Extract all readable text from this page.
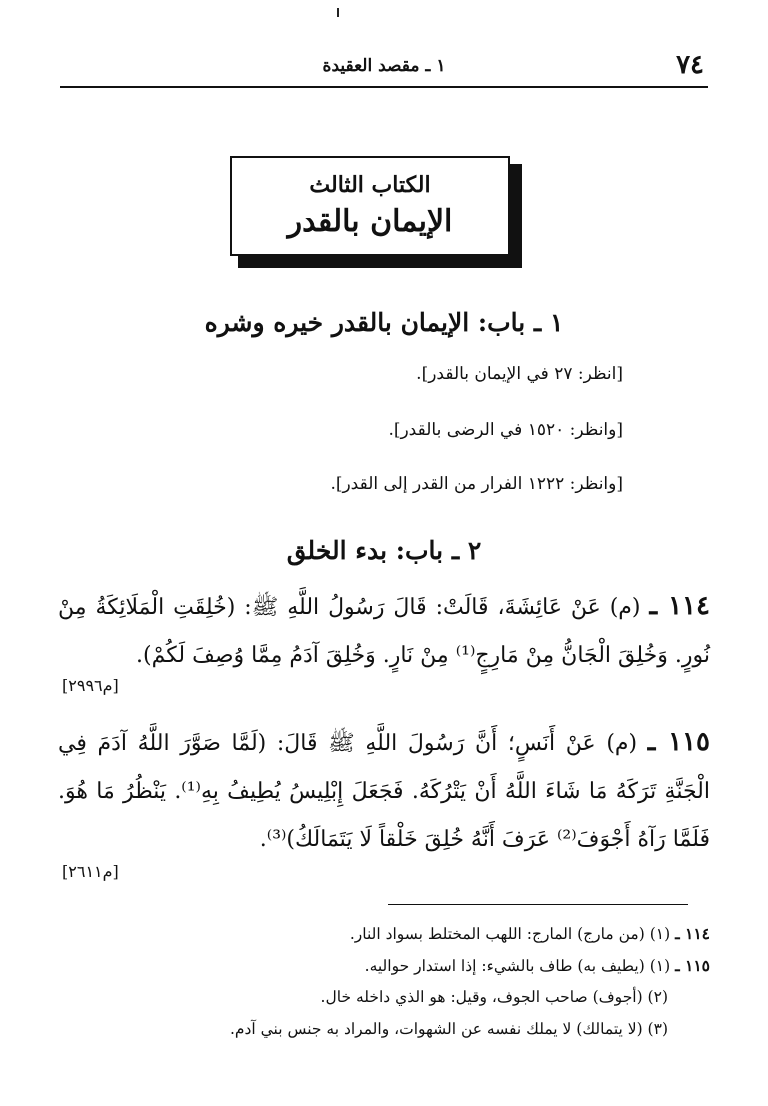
٧٤
١ ـ مقصد العقيدة
الكتاب الثالث
الإيمان بالقدر
١ ـ باب: الإيمان بالقدر خيره وشره
[انظر: ٢٧ في الإيمان بالقدر].
[وانظر: ١٥٢٠ في الرضى بالقدر].
[وانظر: ١٢٢٢ الفرار من القدر إلى القدر].
٢ ـ باب: بدء الخلق
١١٤ ـ (م) عَنْ عَائِشَةَ، قَالَتْ: قَالَ رَسُولُ اللَّهِ ﷺ: (خُلِقَتِ الْمَلَائِكَةُ مِنْ نُورٍ. وَخُلِقَ الْجَانُّ مِنْ مَارِجٍ⁽¹⁾ مِنْ نَارٍ. وَخُلِقَ آدَمُ مِمَّا وُصِفَ لَكُمْ).
[م٢٩٩٦]
١١٥ ـ (م) عَنْ أَنَسٍ؛ أَنَّ رَسُولَ اللَّهِ ﷺ قَالَ: (لَمَّا صَوَّرَ اللَّهُ آدَمَ فِي الْجَنَّةِ تَرَكَهُ مَا شَاءَ اللَّهُ أَنْ يَتْرُكَهُ. فَجَعَلَ إِبْلِيسُ يُطِيفُ بِهِ⁽¹⁾. يَنْظُرُ مَا هُوَ. فَلَمَّا رَآهُ أَجْوَفَ⁽²⁾ عَرَفَ أَنَّهُ خُلِقَ خَلْقاً لَا يَتَمَالَكُ)⁽³⁾.
[م٢٦١١]
١١٤ ـ (١) (من مارج) المارج: اللهب المختلط بسواد النار.
١١٥ ـ (١) (يطيف به) طاف بالشيء: إذا استدار حواليه.
(٢) (أجوف) صاحب الجوف، وقيل: هو الذي داخله خال.
(٣) (لا يتمالك) لا يملك نفسه عن الشهوات، والمراد به جنس بني آدم.
